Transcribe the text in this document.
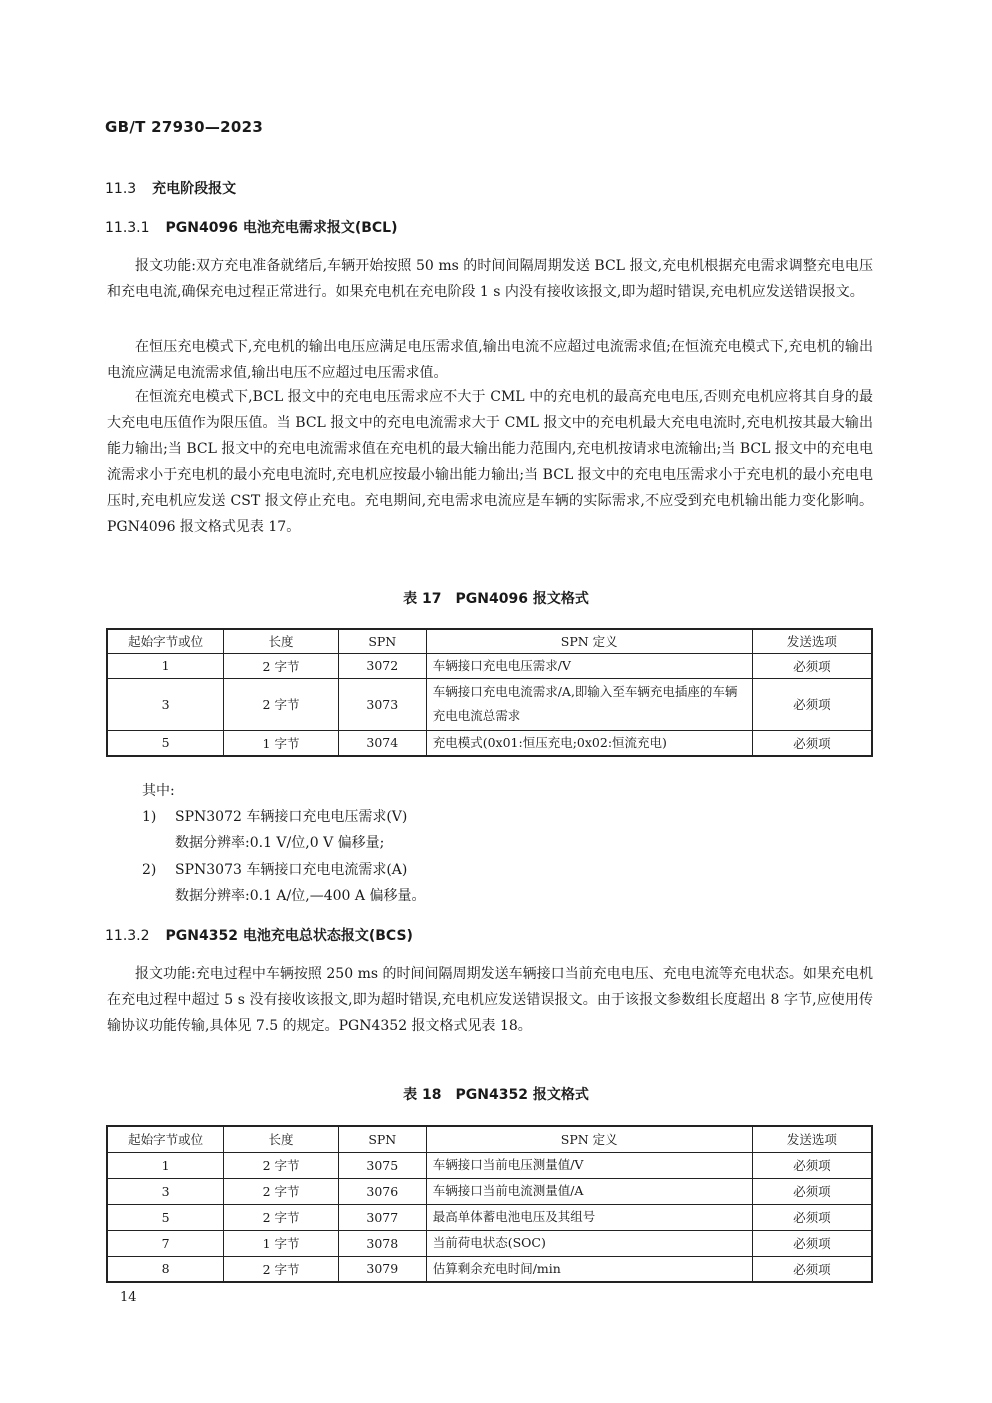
GB/T 27930—2023
11.3 充电阶段报文
11.3.1 PGN4096 电池充电需求报文(BCL)

报文功能:双方充电准备就绪后,车辆开始按照 50 ms 的时间间隔周期发送 BCL 报文,充电机根据充电需求调整充电电压和充电电流,确保充电过程正常进行。如果充电机在充电阶段 1 s 内没有接收该报文,即为超时错误,充电机应发送错误报文。

在恒压充电模式下,充电机的输出电压应满足电压需求值,输出电流不应超过电流需求值;在恒流充电模式下,充电机的输出电流应满足电流需求值,输出电压不应超过电压需求值。

在恒流充电模式下,BCL 报文中的充电电压需求应不大于 CML 中的充电机的最高充电电压,否则充电机应将其自身的最大充电电压值作为限压值。当 BCL 报文中的充电电流需求大于 CML 报文中的充电机最大充电电流时,充电机按其最大输出能力输出;当 BCL 报文中的充电电流需求值在充电机的最大输出能力范围内,充电机按请求电流输出;当 BCL 报文中的充电电流需求小于充电机的最小充电电流时,充电机应按最小输出能力输出;当 BCL 报文中的充电电压需求小于充电机的最小充电电压时,充电机应发送 CST 报文停止充电。充电期间,充电需求电流应是车辆的实际需求,不应受到充电机输出能力变化影响。PGN4096 报文格式见表 17。

表 17 PGN4096 报文格式
起始字节或位	长度	SPN	SPN 定义	发送选项
1	2 字节	3072	车辆接口充电电压需求/V	必须项
3	2 字节	3073	车辆接口充电电流需求/A,即输入至车辆充电插座的车辆充电电流总需求	必须项
5	1 字节	3074	充电模式(0x01:恒压充电;0x02:恒流充电)	必须项
其中:
1) SPN3072 车辆接口充电电压需求(V)
数据分辨率:0.1 V/位,0 V 偏移量;
2) SPN3073 车辆接口充电电流需求(A)
数据分辨率:0.1 A/位,—400 A 偏移量。
11.3.2 PGN4352 电池充电总状态报文(BCS)

报文功能:充电过程中车辆按照 250 ms 的时间间隔周期发送车辆接口当前充电电压、充电电流等充电状态。如果充电机在充电过程中超过 5 s 没有接收该报文,即为超时错误,充电机应发送错误报文。由于该报文参数组长度超出 8 字节,应使用传输协议功能传输,具体见 7.5 的规定。PGN4352 报文格式见表 18。

表 18 PGN4352 报文格式
起始字节或位	长度	SPN	SPN 定义	发送选项
1	2 字节	3075	车辆接口当前电压测量值/V	必须项
3	2 字节	3076	车辆接口当前电流测量值/A	必须项
5	2 字节	3077	最高单体蓄电池电压及其组号	必须项
7	1 字节	3078	当前荷电状态(SOC)	必须项
8	2 字节	3079	估算剩余充电时间/min	必须项
14
